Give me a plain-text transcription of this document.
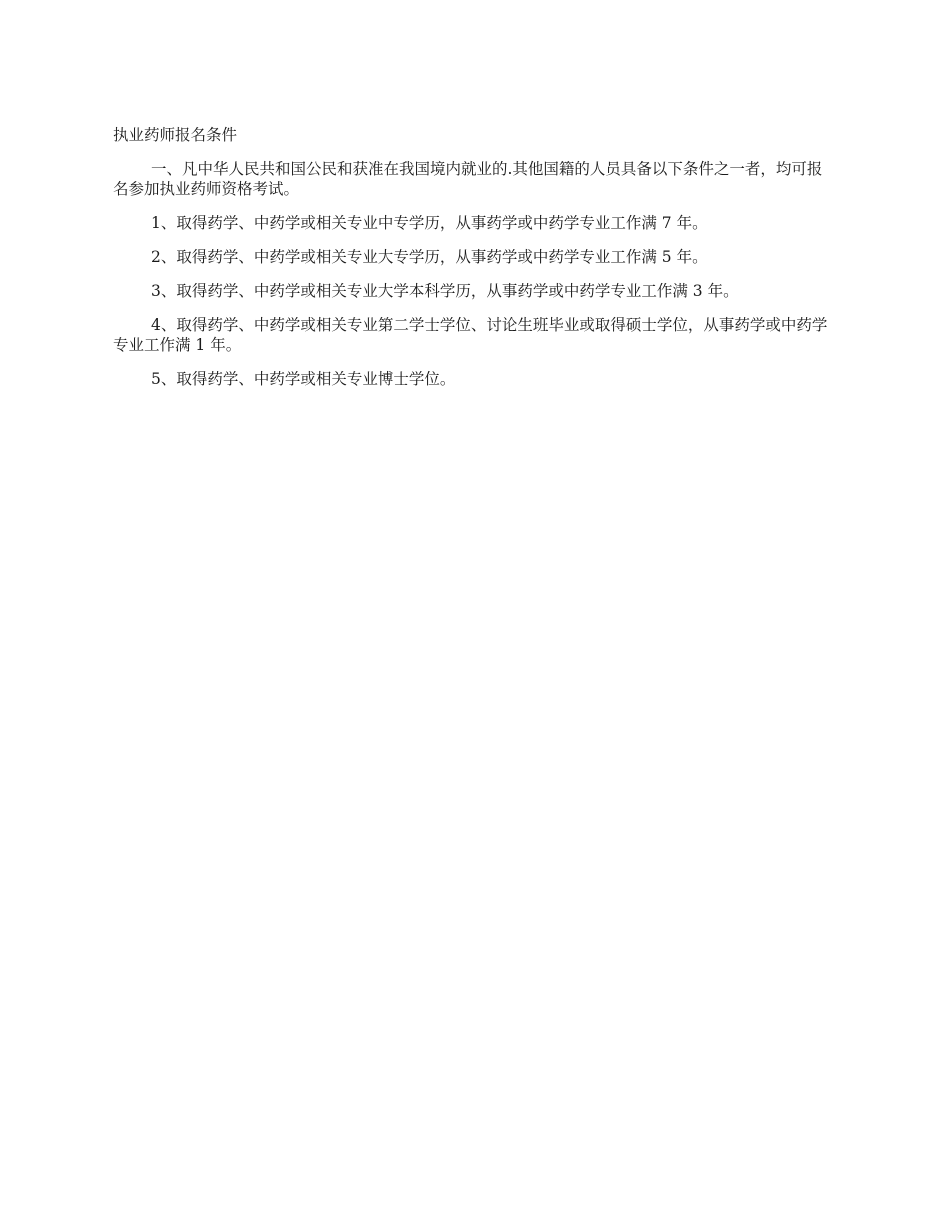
执业药师报名条件

一、凡中华人民共和国公民和获准在我国境内就业的.其他国籍的人员具备以下条件之一者，均可报名参加执业药师资格考试。

1、取得药学、中药学或相关专业中专学历，从事药学或中药学专业工作满 7 年。

2、取得药学、中药学或相关专业大专学历，从事药学或中药学专业工作满 5 年。

3、取得药学、中药学或相关专业大学本科学历，从事药学或中药学专业工作满 3 年。

4、取得药学、中药学或相关专业第二学士学位、讨论生班毕业或取得硕士学位，从事药学或中药学专业工作满 1 年。

5、取得药学、中药学或相关专业博士学位。
